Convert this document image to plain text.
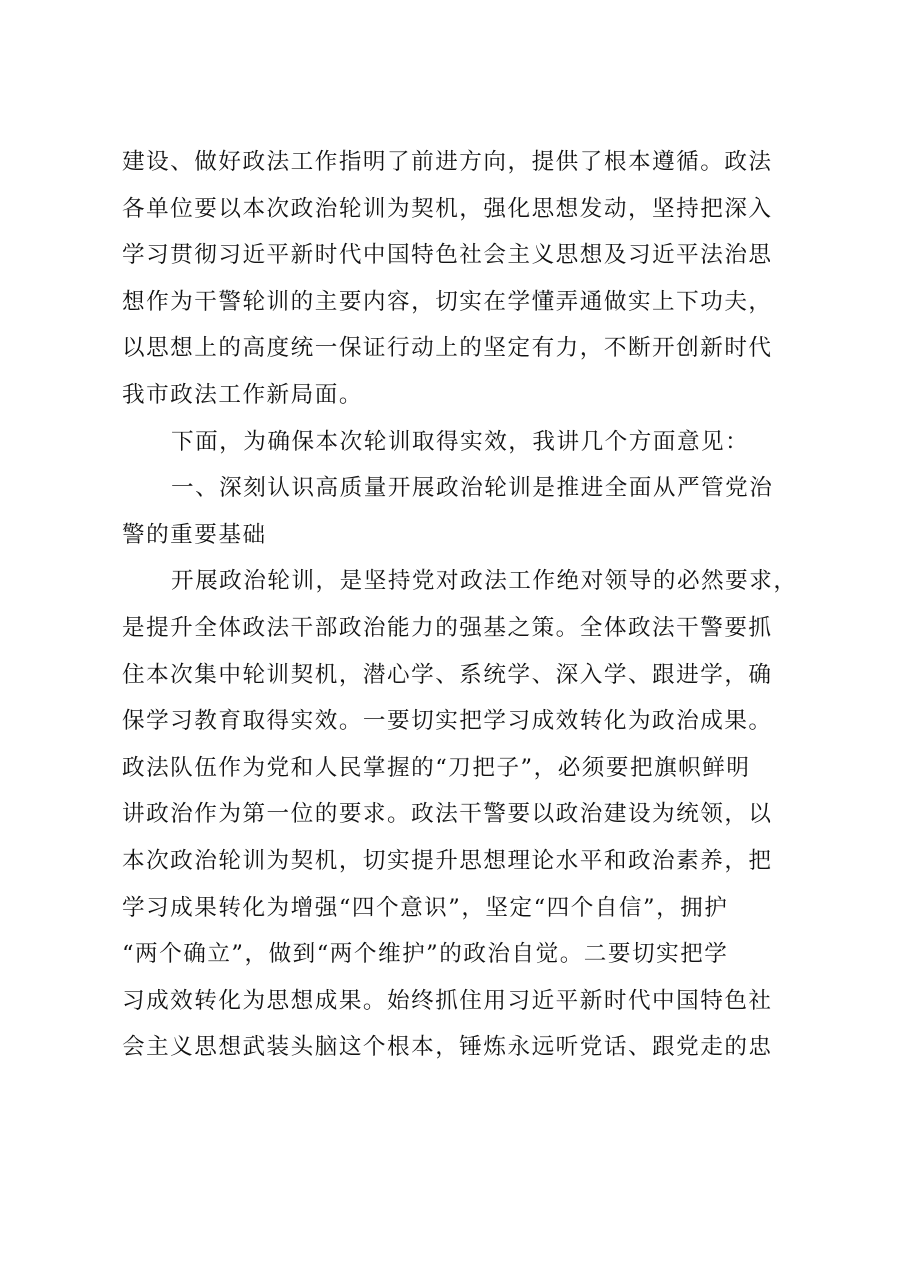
建设、做好政法工作指明了前进方向，提供了根本遵循。政法
各单位要以本次政治轮训为契机，强化思想发动，坚持把深入
学习贯彻习近平新时代中国特色社会主义思想及习近平法治思
想作为干警轮训的主要内容，切实在学懂弄通做实上下功夫，
以思想上的高度统一保证行动上的坚定有力，不断开创新时代
我市政法工作新局面。
下面，为确保本次轮训取得实效，我讲几个方面意见：
一、深刻认识高质量开展政治轮训是推进全面从严管党治
警的重要基础
开展政治轮训，是坚持党对政法工作绝对领导的必然要求，
是提升全体政法干部政治能力的强基之策。全体政法干警要抓
住本次集中轮训契机，潜心学、系统学、深入学、跟进学，确
保学习教育取得实效。一要切实把学习成效转化为政治成果。
政法队伍作为党和人民掌握的“刀把子”，必须要把旗帜鲜明
讲政治作为第一位的要求。政法干警要以政治建设为统领，以
本次政治轮训为契机，切实提升思想理论水平和政治素养，把
学习成果转化为增强“四个意识”，坚定“四个自信”，拥护
“两个确立”，做到“两个维护”的政治自觉。二要切实把学
习成效转化为思想成果。始终抓住用习近平新时代中国特色社
会主义思想武装头脑这个根本，锤炼永远听党话、跟党走的忠
